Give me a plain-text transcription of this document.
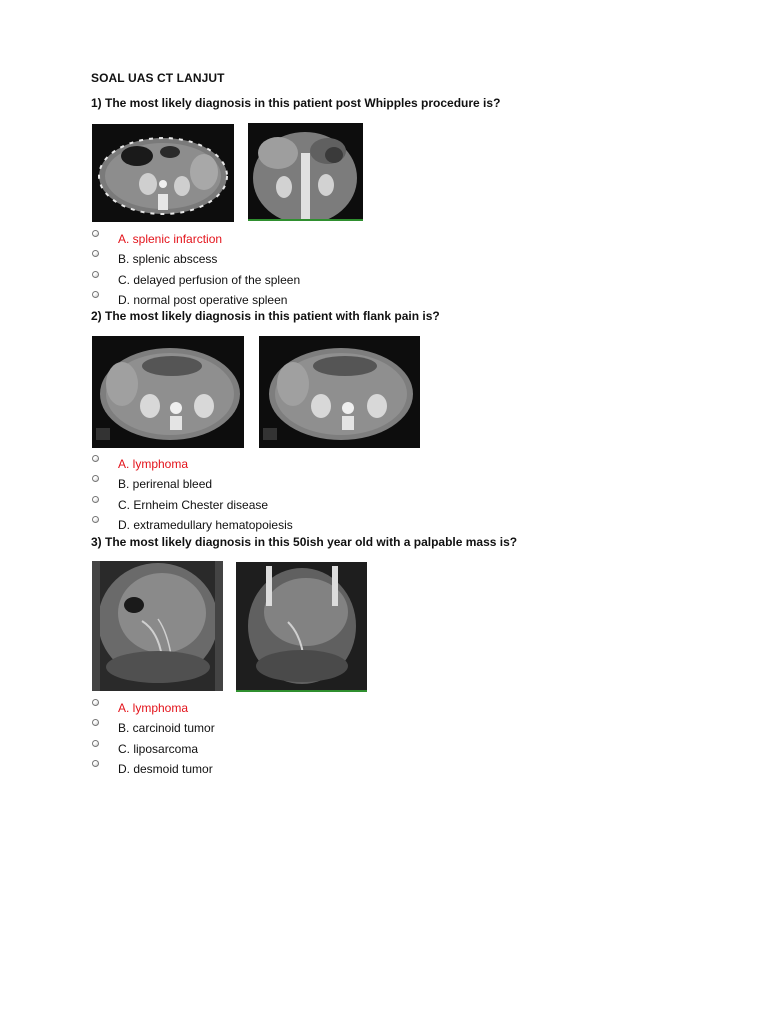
SOAL UAS CT LANJUT
1) The most likely diagnosis in this patient post Whipples procedure is?
A. splenic infarction
B. splenic abscess
C. delayed perfusion of the spleen
D. normal post operative spleen
2) The most likely diagnosis in this patient with flank pain is?
A. lymphoma
B. perirenal bleed
C. Ernheim Chester disease
D. extramedullary hematopoiesis
3) The most likely diagnosis in this 50ish year old with a palpable mass is?
A. lymphoma
B. carcinoid tumor
C. liposarcoma
D. desmoid tumor
